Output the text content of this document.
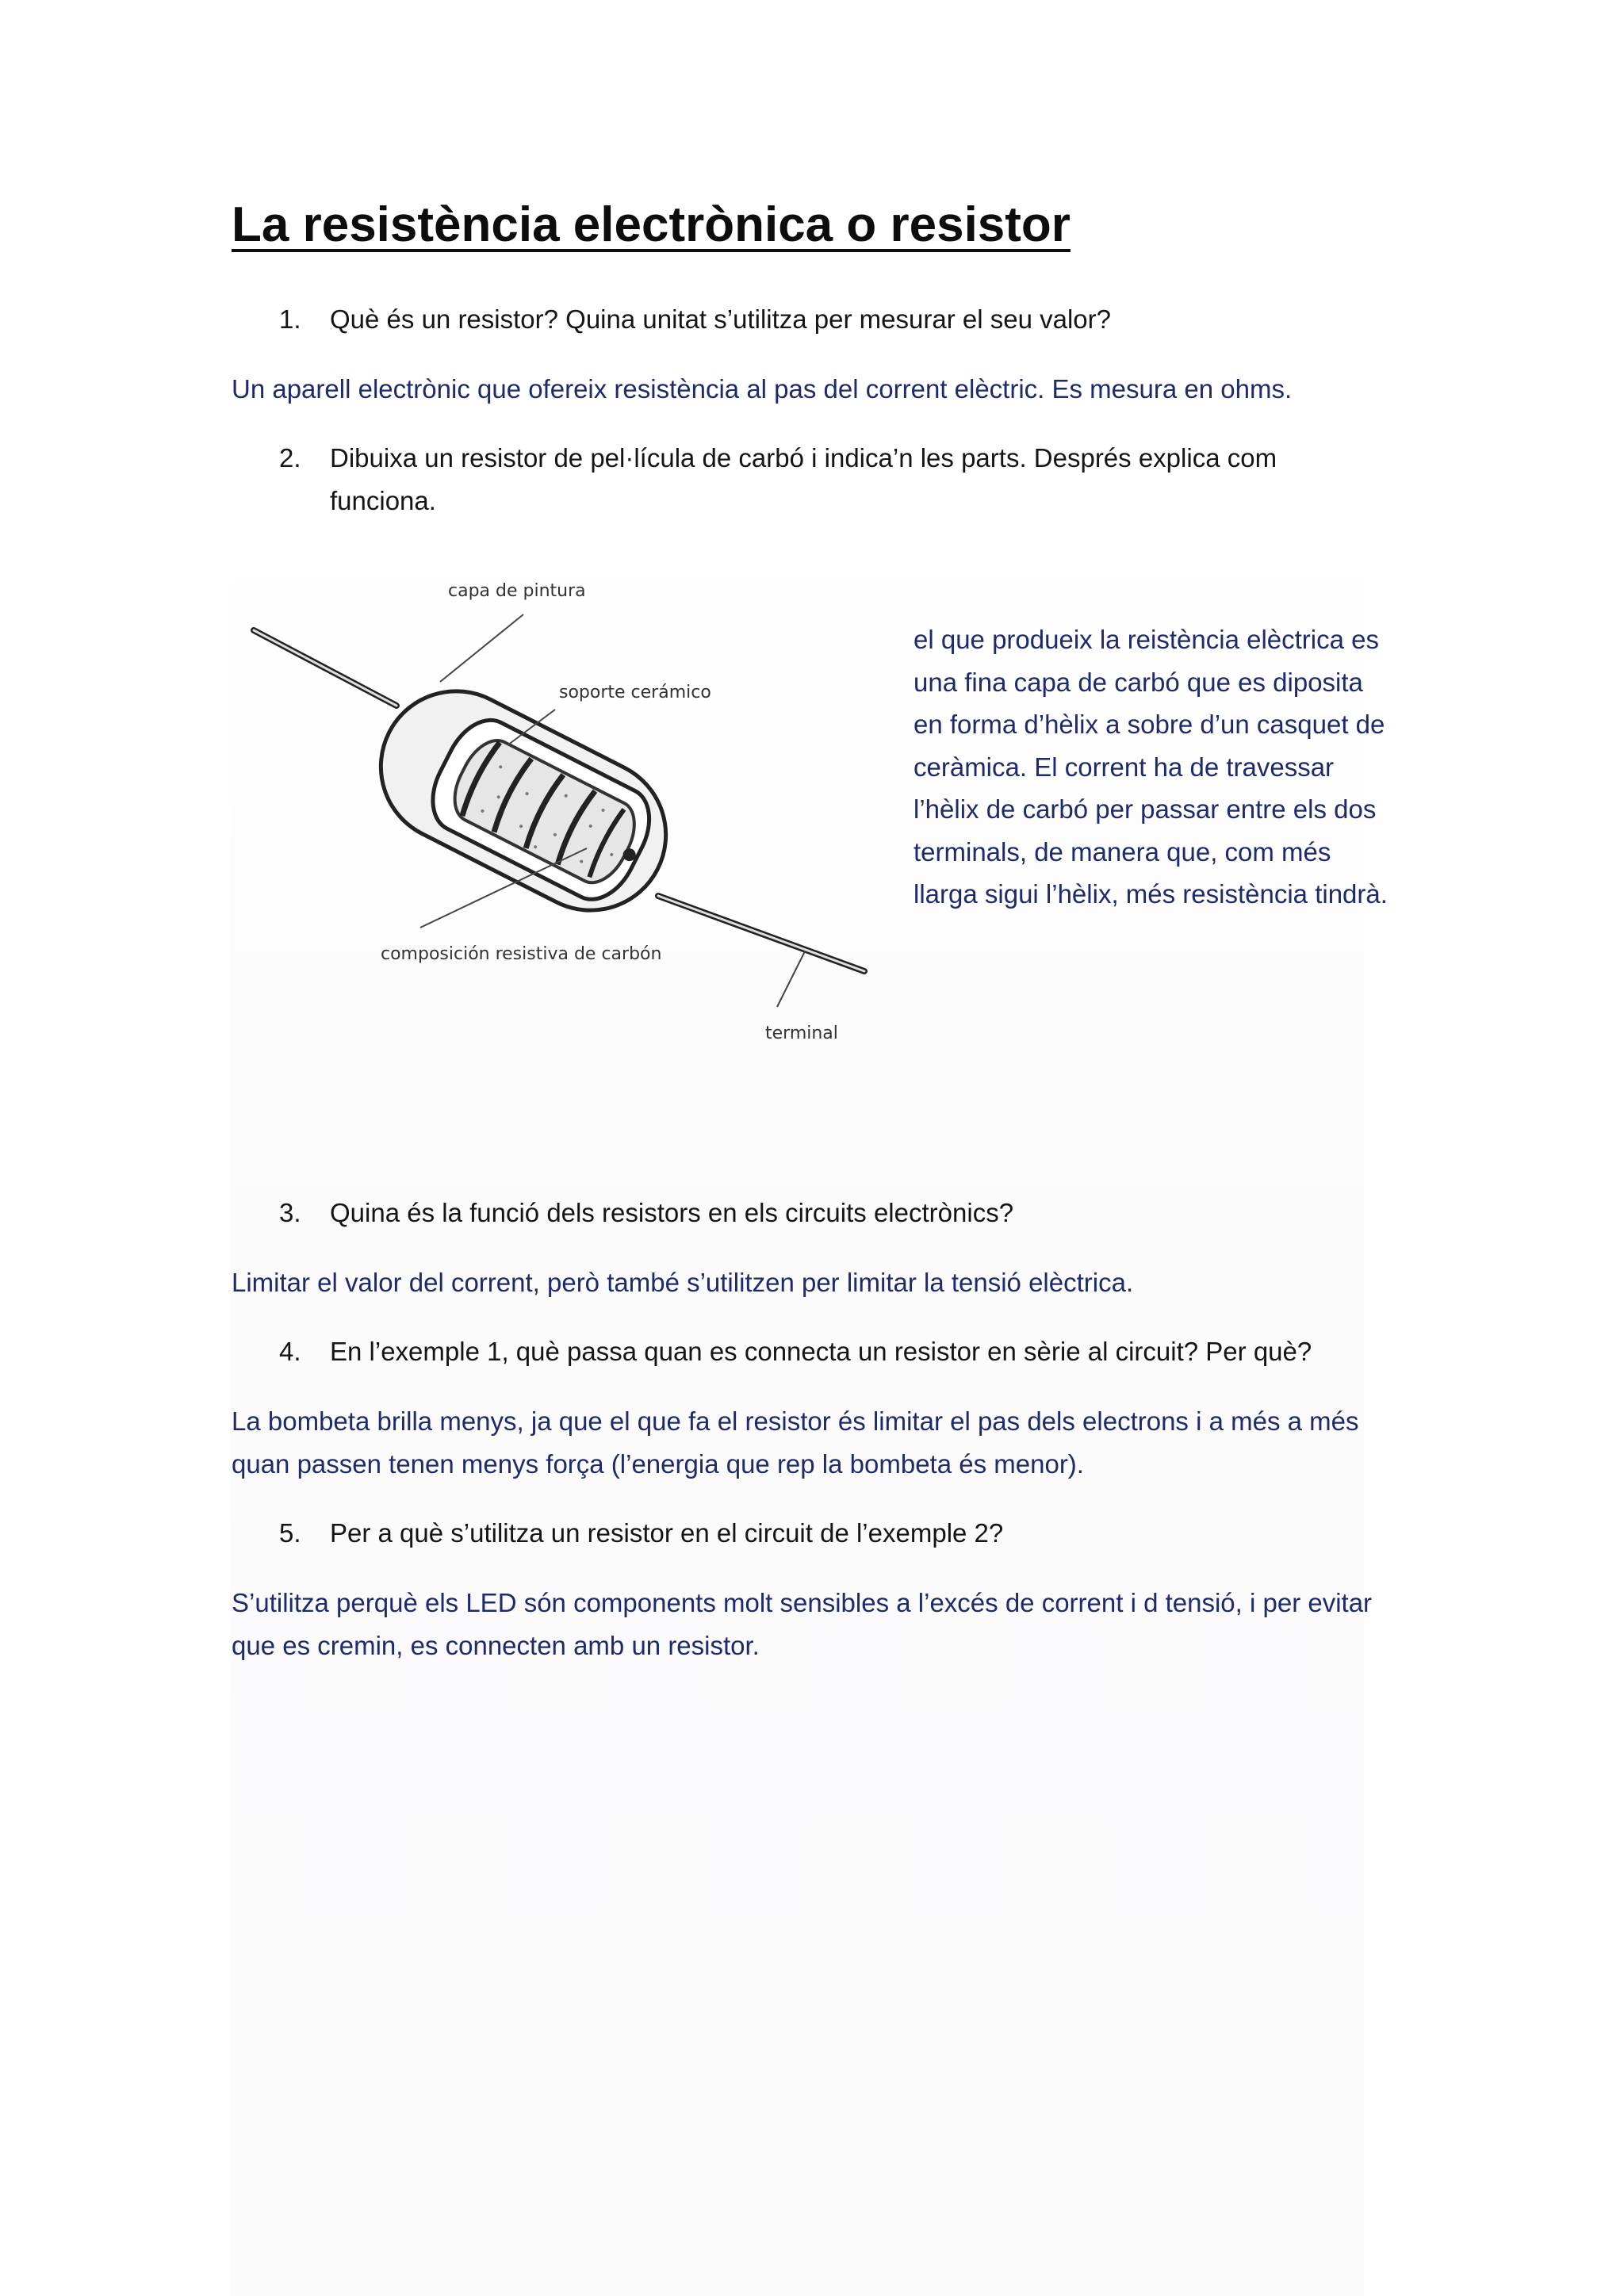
La resistència electrònica o resistor
1. Què és un resistor? Quina unitat s’utilitza per mesurar el seu valor?
Un aparell electrònic que ofereix resistència al pas del corrent elèctric. Es mesura en ohms.
2. Dibuixa un resistor de pel·lícula de carbó i indica’n les parts. Després explica com funciona.
capa de pintura
soporte cerámico
composición resistiva de carbón
terminal
el que produeix la reistència elèctrica es una fina capa de carbó que es diposita en forma d’hèlix a sobre d’un casquet de ceràmica. El corrent ha de travessar l’hèlix de carbó per passar entre els dos terminals, de manera que, com més llarga sigui l’hèlix, més resistència tindrà.
3. Quina és la funció dels resistors en els circuits electrònics?
Limitar el valor del corrent, però també s’utilitzen per limitar la tensió elèctrica.
4. En l’exemple 1, què passa quan es connecta un resistor en sèrie al circuit? Per què?
La bombeta brilla menys, ja que el que fa el resistor és limitar el pas dels electrons i a més a més quan passen tenen menys força (l’energia que rep la bombeta és menor).
5. Per a què s’utilitza un resistor en el circuit de l’exemple 2?
S’utilitza perquè els LED són components molt sensibles a l’excés de corrent i d tensió, i per evitar que es cremin, es connecten amb un resistor.
